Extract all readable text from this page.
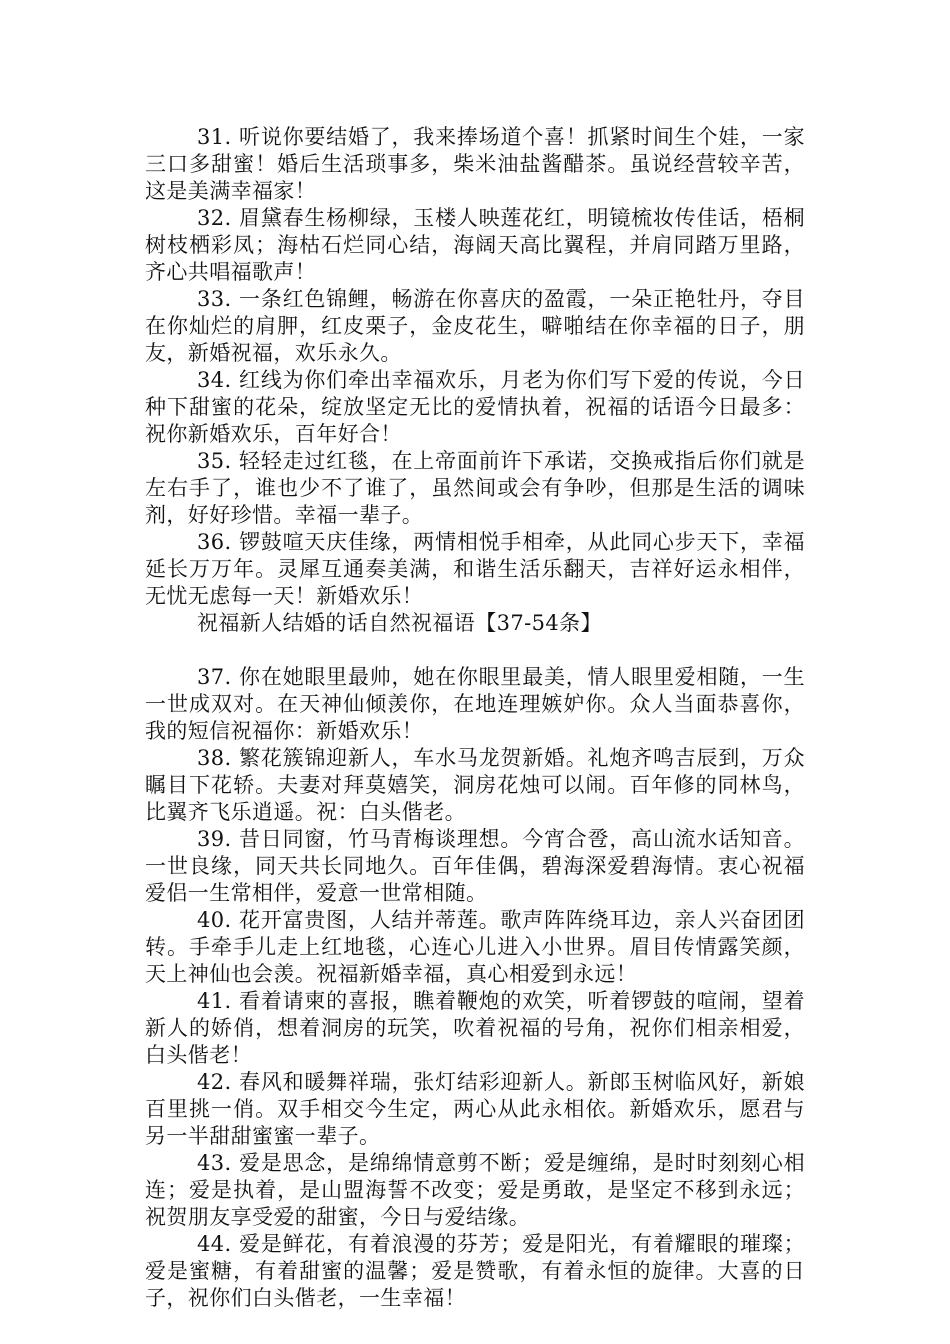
31. 听说你要结婚了，我来捧场道个喜！抓紧时间生个娃，一家三口多甜蜜！婚后生活琐事多，柴米油盐酱醋茶。虽说经营较辛苦，这是美满幸福家！

32. 眉黛春生杨柳绿，玉楼人映莲花红，明镜梳妆传佳话，梧桐树枝栖彩凤；海枯石烂同心结，海阔天高比翼程，并肩同踏万里路，齐心共唱福歌声！

33. 一条红色锦鲤，畅游在你喜庆的盈霞，一朵正艳牡丹，夺目在你灿烂的肩胛，红皮栗子，金皮花生，噼啪结在你幸福的日子，朋友，新婚祝福，欢乐永久。

34. 红线为你们牵出幸福欢乐，月老为你们写下爱的传说，今日种下甜蜜的花朵，绽放坚定无比的爱情执着，祝福的话语今日最多：祝你新婚欢乐，百年好合！

35. 轻轻走过红毯，在上帝面前许下承诺，交换戒指后你们就是左右手了，谁也少不了谁了，虽然间或会有争吵，但那是生活的调味剂，好好珍惜。幸福一辈子。

36. 锣鼓喧天庆佳缘，两情相悦手相牵，从此同心步天下，幸福延长万万年。灵犀互通奏美满，和谐生活乐翻天，吉祥好运永相伴，无忧无虑每一天！新婚欢乐！

祝福新人结婚的话自然祝福语【37-54条】

37. 你在她眼里最帅，她在你眼里最美，情人眼里爱相随，一生一世成双对。在天神仙倾羡你，在地连理嫉妒你。众人当面恭喜你，我的短信祝福你：新婚欢乐！

38. 繁花簇锦迎新人，车水马龙贺新婚。礼炮齐鸣吉辰到，万众瞩目下花轿。夫妻对拜莫嬉笑，洞房花烛可以闹。百年修的同林鸟，比翼齐飞乐逍遥。祝：白头偕老。

39. 昔日同窗，竹马青梅谈理想。今宵合卺，高山流水话知音。一世良缘，同天共长同地久。百年佳偶，碧海深爱碧海情。衷心祝福爱侣一生常相伴，爱意一世常相随。

40. 花开富贵图，人结并蒂莲。歌声阵阵绕耳边，亲人兴奋团团转。手牵手儿走上红地毯，心连心儿进入小世界。眉目传情露笑颜，天上神仙也会羡。祝福新婚幸福，真心相爱到永远！

41. 看着请柬的喜报，瞧着鞭炮的欢笑，听着锣鼓的喧闹，望着新人的娇俏，想着洞房的玩笑，吹着祝福的号角，祝你们相亲相爱，白头偕老！

42. 春风和暖舞祥瑞，张灯结彩迎新人。新郎玉树临风好，新娘百里挑一俏。双手相交今生定，两心从此永相依。新婚欢乐，愿君与另一半甜甜蜜蜜一辈子。

43. 爱是思念，是绵绵情意剪不断；爱是缠绵，是时时刻刻心相连；爱是执着，是山盟海誓不改变；爱是勇敢，是坚定不移到永远；祝贺朋友享受爱的甜蜜，今日与爱结缘。

44. 爱是鲜花，有着浪漫的芬芳；爱是阳光，有着耀眼的璀璨；爱是蜜糖，有着甜蜜的温馨；爱是赞歌，有着永恒的旋律。大喜的日子，祝你们白头偕老，一生幸福！
